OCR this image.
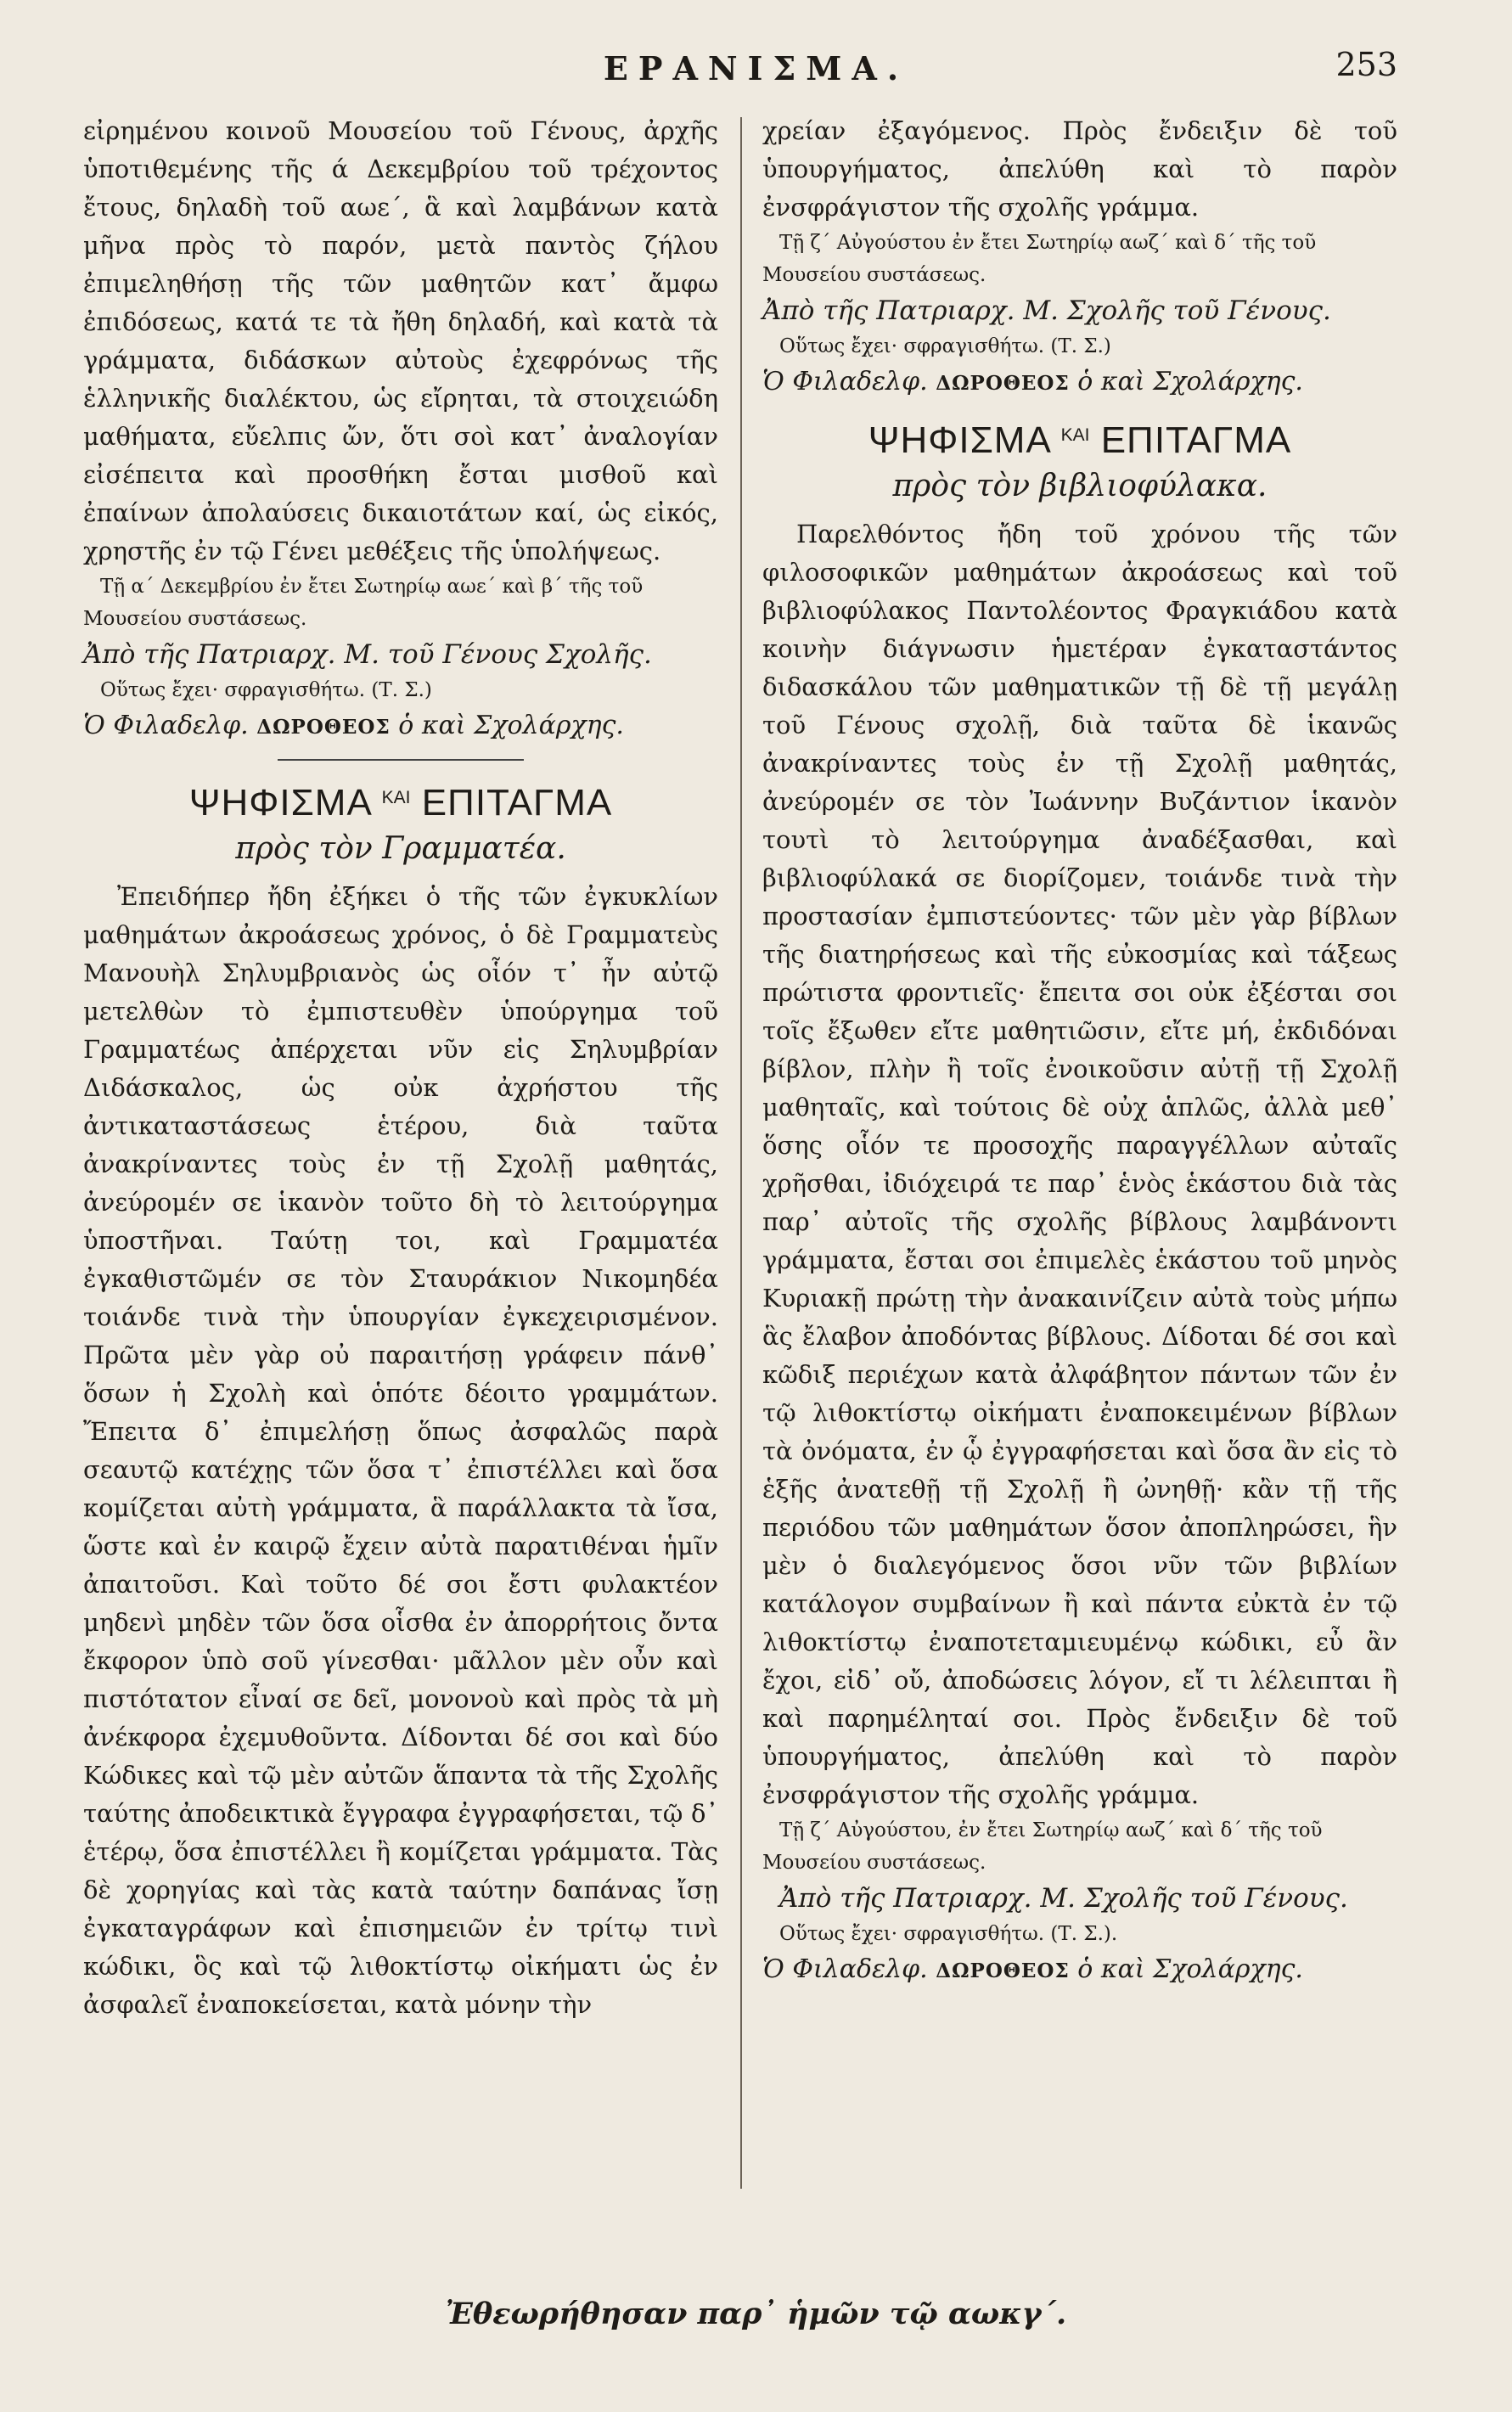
ΕΡΑΝΙΣΜΑ.	253

εἰρημένου κοινοῦ Μουσείου τοῦ Γένους, ἀρχῆς ὑποτιθεμένης τῆς ά Δεκεμβρίου τοῦ τρέχοντος ἔτους, δηλαδὴ τοῦ αωε΄, ἃ καὶ λαμβάνων κατὰ μῆνα πρὸς τὸ παρόν, μετὰ παντὸς ζήλου ἐπιμεληθήσῃ τῆς τῶν μαθητῶν κατ᾽ ἄμφω ἐπιδόσεως, κατά τε τὰ ἤθη δηλαδή, καὶ κατὰ τὰ γράμματα, διδάσκων αὐτοὺς ἐχεφρόνως τῆς ἑλληνικῆς διαλέκτου, ὡς εἴρηται, τὰ στοιχειώδη μαθήματα, εὔελπις ὤν, ὅτι σοὶ κατ᾽ ἀναλογίαν εἰσέπειτα καὶ προσθήκη ἔσται μισθοῦ καὶ ἐπαίνων ἀπολαύσεις δικαιοτάτων καί, ὡς εἰκός, χρηστῆς ἐν τῷ Γένει μεθέξεις τῆς ὑπολήψεως.

Τῇ α΄ Δεκεμβρίου ἐν ἔτει Σωτηρίῳ αωε΄ καὶ β΄ τῆς τοῦ Μουσείου συστάσεως.

Ἀπὸ τῆς Πατριαρχ. Μ. τοῦ Γένους Σχολῆς.

Οὕτως ἔχει· σφραγισθήτω. (Τ. Σ.)

Ὁ Φιλαδελφ. ΔΩΡΟΘΕΟΣ ὁ καὶ Σχολάρχης.

ΨΗΦΙΣΜΑ $^{KAI}$ ΕΠΙΤΑΓΜΑ

πρὸς τὸν Γραμματέα.

Ἐπειδήπερ ἤδη ἐξήκει ὁ τῆς τῶν ἐγκυκλίων μαθημάτων ἀκροάσεως χρόνος, ὁ δὲ Γραμματεὺς Μανουὴλ Σηλυμβριανὸς ὡς οἷόν τ᾽ ἦν αὐτῷ μετελθὼν τὸ ἐμπιστευθὲν ὑπούργημα τοῦ Γραμματέως ἀπέρχεται νῦν εἰς Σηλυμβρίαν Διδάσκαλος, ὡς οὐκ ἀχρήστου τῆς ἀντικαταστάσεως ἑτέρου, διὰ ταῦτα ἀνακρίναντες τοὺς ἐν τῇ Σχολῇ μαθητάς, ἀνεύρομέν σε ἱκανὸν τοῦτο δὴ τὸ λειτούργημα ὑποστῆναι. Ταύτῃ τοι, καὶ Γραμματέα ἐγκαθιστῶμέν σε τὸν Σταυράκιον Νικομηδέα τοιάνδε τινὰ τὴν ὑπουργίαν ἐγκεχειρισμένον. Πρῶτα μὲν γὰρ οὐ παραιτήσῃ γράφειν πάνθ᾽ ὅσων ἡ Σχολὴ καὶ ὁπότε δέοιτο γραμμάτων. Ἔπειτα δ᾽ ἐπιμελήσῃ ὅπως ἀσφαλῶς παρὰ σεαυτῷ κατέχῃς τῶν ὅσα τ᾽ ἐπιστέλλει καὶ ὅσα κομίζεται αὐτὴ γράμματα, ἃ παράλλακτα τὰ ἴσα, ὥστε καὶ ἐν καιρῷ ἔχειν αὐτὰ παρατιθέναι ἡμῖν ἀπαιτοῦσι. Καὶ τοῦτο δέ σοι ἔστι φυλακτέον μηδενὶ μηδὲν τῶν ὅσα οἷσθα ἐν ἀπορρήτοις ὄντα ἔκφορον ὑπὸ σοῦ γίνεσθαι· μᾶλλον μὲν οὖν καὶ πιστότατον εἶναί σε δεῖ, μονονοὺ καὶ πρὸς τὰ μὴ ἀνέκφορα ἐχεμυθοῦντα. Δίδονται δέ σοι καὶ δύο Κώδικες καὶ τῷ μὲν αὐτῶν ἅπαντα τὰ τῆς Σχολῆς ταύτης ἀποδεικτικὰ ἔγγραφα ἐγγραφήσεται, τῷ δ᾽ ἑτέρῳ, ὅσα ἐπιστέλλει ἢ κομίζεται γράμματα. Τὰς δὲ χορηγίας καὶ τὰς κατὰ ταύτην δαπάνας ἴσῃ ἐγκαταγράφων καὶ ἐπισημειῶν ἐν τρίτῳ τινὶ κώδικι, ὃς καὶ τῷ λιθοκτίστῳ οἰκήματι ὡς ἐν ἀσφαλεῖ ἐναποκείσεται, κατὰ μόνην τὴν

χρείαν ἐξαγόμενος. Πρὸς ἔνδειξιν δὲ τοῦ ὑπουργήματος, ἀπελύθη καὶ τὸ παρὸν ἐνσφράγιστον τῆς σχολῆς γράμμα.

Τῇ ζ΄ Αὐγούστου ἐν ἔτει Σωτηρίῳ αωζ΄ καὶ δ΄ τῆς τοῦ Μουσείου συστάσεως.

Ἀπὸ τῆς Πατριαρχ. Μ. Σχολῆς τοῦ Γένους.

Οὕτως ἔχει· σφραγισθήτω. (Τ. Σ.)

Ὁ Φιλαδελφ. ΔΩΡΟΘΕΟΣ ὁ καὶ Σχολάρχης.

ΨΗΦΙΣΜΑ $^{KAI}$ ΕΠΙΤΑΓΜΑ

πρὸς τὸν βιβλιοφύλακα.

Παρελθόντος ἤδη τοῦ χρόνου τῆς τῶν φιλοσοφικῶν μαθημάτων ἀκροάσεως καὶ τοῦ βιβλιοφύλακος Παντολέοντος Φραγκιάδου κατὰ κοινὴν διάγνωσιν ἡμετέραν ἐγκαταστάντος διδασκάλου τῶν μαθηματικῶν τῇ δὲ τῇ μεγάλῃ τοῦ Γένους σχολῇ, διὰ ταῦτα δὲ ἱκανῶς ἀνακρίναντες τοὺς ἐν τῇ Σχολῇ μαθητάς, ἀνεύρομέν σε τὸν Ἰωάννην Βυζάντιον ἱκανὸν τουτὶ τὸ λειτούργημα ἀναδέξασθαι, καὶ βιβλιοφύλακά σε διορίζομεν, τοιάνδε τινὰ τὴν προστασίαν ἐμπιστεύοντες· τῶν μὲν γὰρ βίβλων τῆς διατηρήσεως καὶ τῆς εὐκοσμίας καὶ τάξεως πρώτιστα φροντιεῖς· ἔπειτα σοι οὐκ ἐξέσται σοι τοῖς ἔξωθεν εἴτε μαθητιῶσιν, εἴτε μή, ἐκδιδόναι βίβλον, πλὴν ἢ τοῖς ἐνοικοῦσιν αὐτῇ τῇ Σχολῇ μαθηταῖς, καὶ τούτοις δὲ οὐχ ἁπλῶς, ἀλλὰ μεθ᾽ ὅσης οἷόν τε προσοχῆς παραγγέλλων αὐταῖς χρῆσθαι, ἰδιόχειρά τε παρ᾽ ἑνὸς ἑκάστου διὰ τὰς παρ᾽ αὐτοῖς τῆς σχολῆς βίβλους λαμβάνοντι γράμματα, ἔσται σοι ἐπιμελὲς ἑκάστου τοῦ μηνὸς Κυριακῇ πρώτῃ τὴν ἀνακαινίζειν αὐτὰ τοὺς μήπω ἃς ἔλαβον ἀποδόντας βίβλους. Δίδοται δέ σοι καὶ κῶδιξ περιέχων κατὰ ἀλφάβητον πάντων τῶν ἐν τῷ λιθοκτίστῳ οἰκήματι ἐναποκειμένων βίβλων τὰ ὀνόματα, ἐν ᾧ ἐγγραφήσεται καὶ ὅσα ἂν εἰς τὸ ἑξῆς ἀνατεθῇ τῇ Σχολῇ ἢ ὠνηθῇ· κἂν τῇ τῆς περιόδου τῶν μαθημάτων ὅσον ἀποπληρώσει, ἣν μὲν ὁ διαλεγόμενος ὅσοι νῦν τῶν βιβλίων κατάλογον συμβαίνων ἢ καὶ πάντα εὐκτὰ ἐν τῷ λιθοκτίστῳ ἐναποτεταμιευμένῳ κώδικι, εὖ ἂν ἔχοι, εἰδ᾽ οὔ, ἀποδώσεις λόγον, εἴ τι λέλειπται ἢ καὶ παρημέληταί σοι. Πρὸς ἔνδειξιν δὲ τοῦ ὑπουργήματος, ἀπελύθη καὶ τὸ παρὸν ἐνσφράγιστον τῆς σχολῆς γράμμα.

Τῇ ζ΄ Αὐγούστου, ἐν ἔτει Σωτηρίῳ αωζ΄ καὶ δ΄ τῆς τοῦ Μουσείου συστάσεως.

Ἀπὸ τῆς Πατριαρχ. Μ. Σχολῆς τοῦ Γένους.

Οὕτως ἔχει· σφραγισθήτω. (Τ. Σ.).

Ὁ Φιλαδελφ. ΔΩΡΟΘΕΟΣ ὁ καὶ Σχολάρχης.

Ἐθεωρήθησαν παρ᾽ ἡμῶν τῷ αωκγ΄.
